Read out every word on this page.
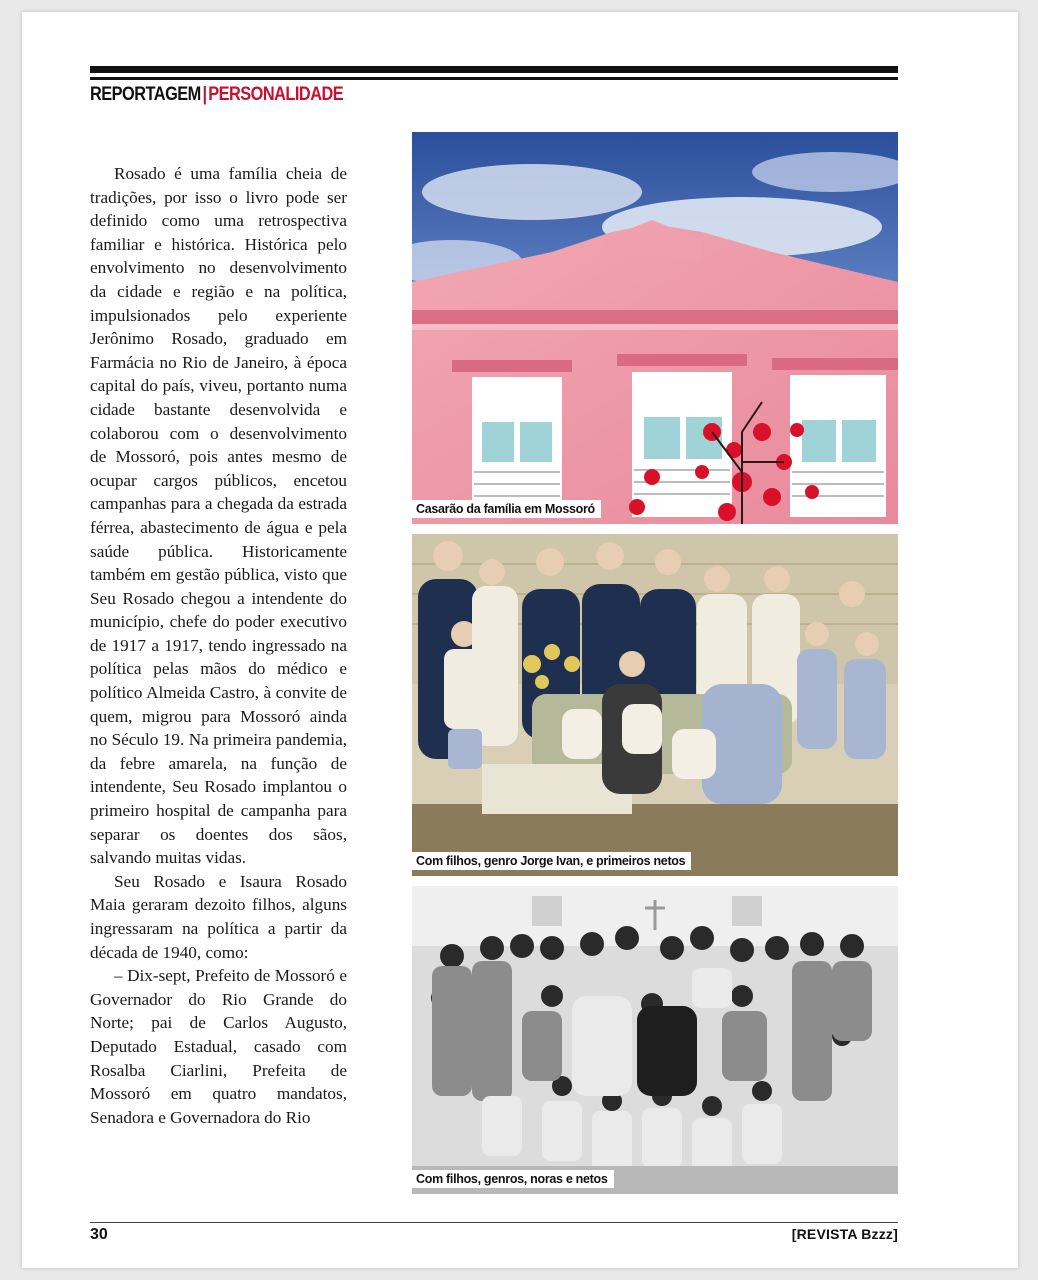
REPORTAGEM|PERSONALIDADE

Rosado é uma família cheia de tradições, por isso o livro pode ser definido como uma retrospectiva familiar e histórica. Histórica pelo envolvimento no desenvolvimento da cidade e região e na política, impulsionados pelo experiente Jerônimo Rosado, graduado em Farmácia no Rio de Janeiro, à época capital do país, viveu, portanto numa cidade bastante desenvolvida e colaborou com o desenvolvimento de Mossoró, pois antes mesmo de ocupar cargos públicos, encetou campanhas para a chegada da estrada férrea, abastecimento de água e pela saúde pública. Historicamente também em gestão pública, visto que Seu Rosado chegou a intendente do município, chefe do poder executivo de 1917 a 1917, tendo ingressado na política pelas mãos do médico e político Almeida Castro, à convite de quem, migrou para Mossoró ainda no Século 19. Na primeira pandemia, da febre amarela, na função de intendente, Seu Rosado implantou o primeiro hospital de campanha para separar os doentes dos sãos, salvando muitas vidas.

Seu Rosado e Isaura Rosado Maia geraram dezoito filhos, alguns ingressaram na política a partir da década de 1940, como:

– Dix-sept, Prefeito de Mossoró e Governador do Rio Grande do Norte; pai de Carlos Augusto, Deputado Estadual, casado com Rosalba Ciarlini, Prefeita de Mossoró em quatro mandatos, Senadora e Governadora do Rio

Casarão da família em Mossoró
Com filhos, genro Jorge Ivan, e primeiros netos
Com filhos, genros, noras e netos
30	[REVISTA Bzzz]
